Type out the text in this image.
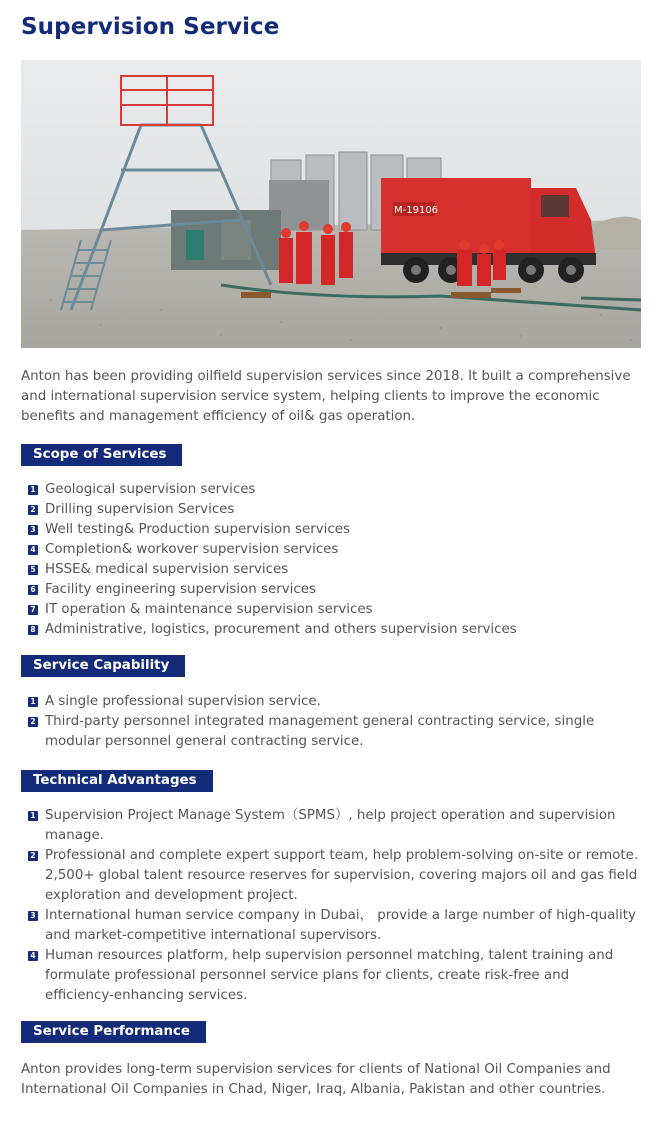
Supervision Service
M-19106
Anton has been providing oilfield supervision services since 2018. It built a comprehensive and international supervision service system, helping clients to improve the economic benefits and management efficiency of oil& gas operation.
Scope of Services
1 Geological supervision services
2 Drilling supervision Services
3 Well testing& Production supervision services
4 Completion& workover supervision services
5 HSSE& medical supervision services
6 Facility engineering supervision services
7 IT operation & maintenance supervision services
8 Administrative, logistics, procurement and others supervision services
Service Capability
1 A single professional supervision service.
2 Third-party personnel integrated management general contracting service, single modular personnel general contracting service.
Technical Advantages
1 Supervision Project Manage System（SPMS）, help project operation and supervision manage.
2 Professional and complete expert support team, help problem-solving on-site or remote. 2,500+ global talent resource reserves for supervision, covering majors oil and gas field exploration and development project.
3 International human service company in Dubai， provide a large number of high-quality and market-competitive international supervisors.
4 Human resources platform, help supervision personnel matching, talent training and formulate professional personnel service plans for clients, create risk-free and efficiency-enhancing services.
Service Performance
Anton provides long-term supervision services for clients of National Oil Companies and International Oil Companies in Chad, Niger, Iraq, Albania, Pakistan and other countries.
